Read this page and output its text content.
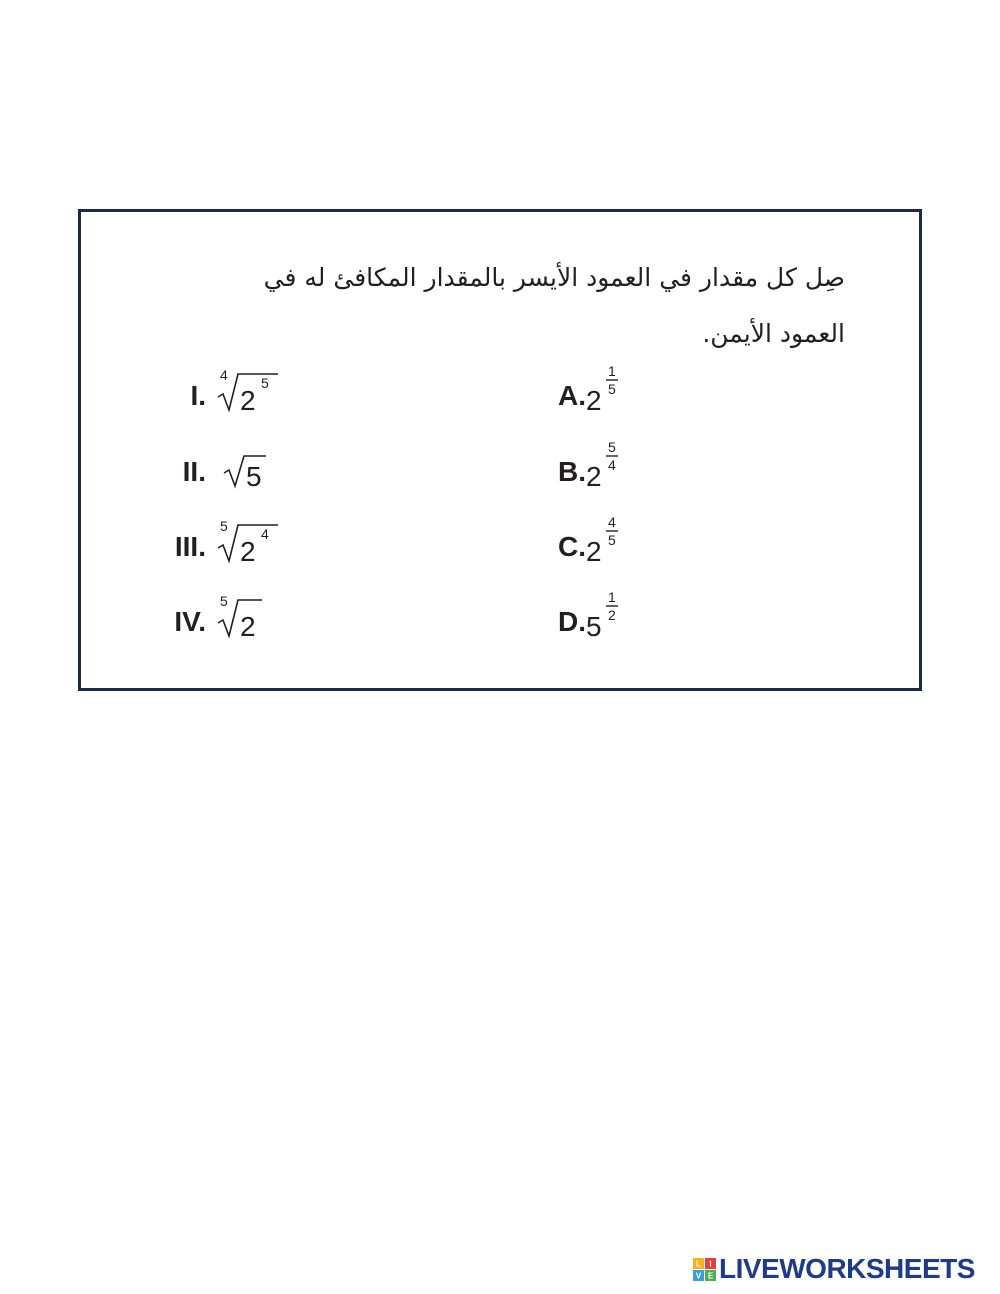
صِل كل مقدار في العمود الأيسر بالمقدار المكافئ له في
العمود الأيمن.
I.
4
2
5
II. 5
III.
5
2
4
IV.
5
2
A. 2
1
5
B. 2
5
4
C. 2
4
5
D. 5
1
2
L I
V E LIVEWORKSHEETS
